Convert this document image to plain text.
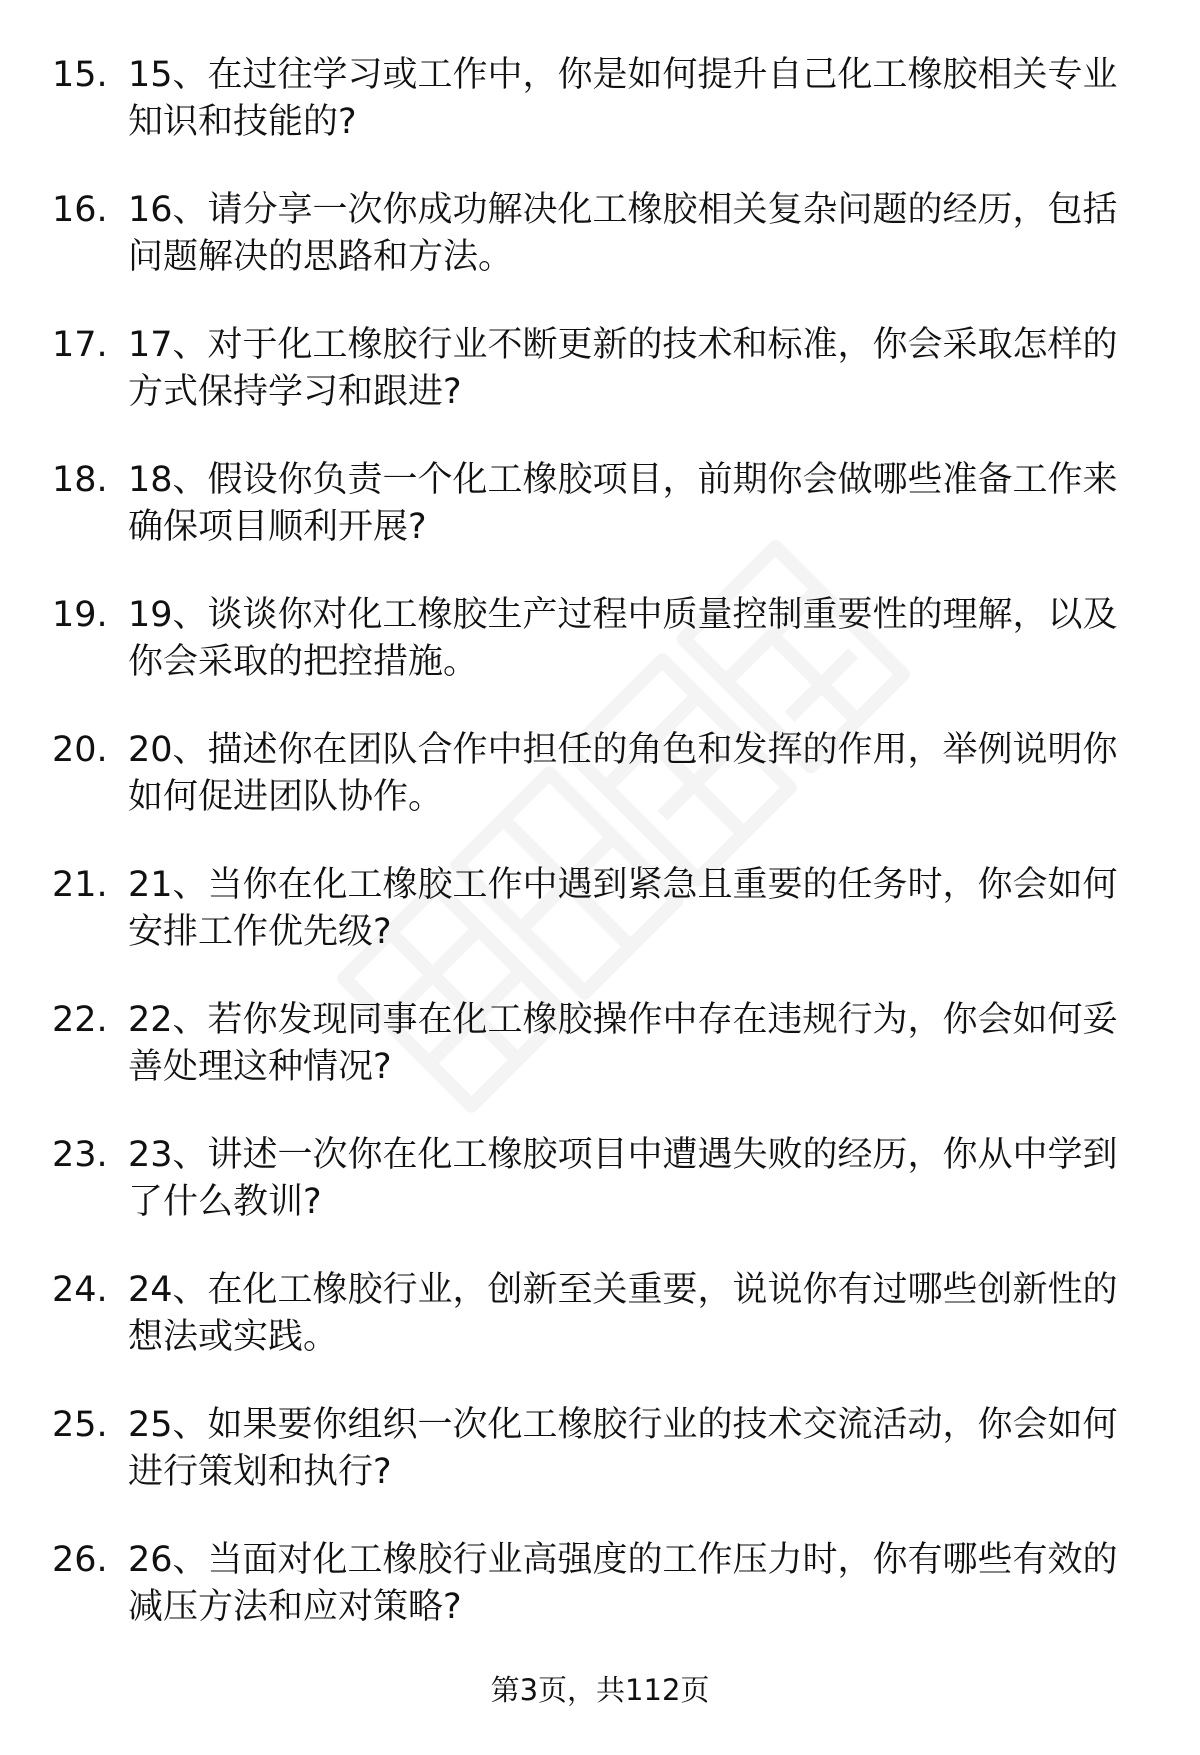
15. 15、在过往学习或工作中，你是如何提升自己化工橡胶相关专业知识和技能的?

16. 16、请分享一次你成功解决化工橡胶相关复杂问题的经历，包括问题解决的思路和方法。

17. 17、对于化工橡胶行业不断更新的技术和标准，你会采取怎样的方式保持学习和跟进?

18. 18、假设你负责一个化工橡胶项目，前期你会做哪些准备工作来确保项目顺利开展?

19. 19、谈谈你对化工橡胶生产过程中质量控制重要性的理解，以及你会采取的把控措施。

20. 20、描述你在团队合作中担任的角色和发挥的作用，举例说明你如何促进团队协作。

21. 21、当你在化工橡胶工作中遇到紧急且重要的任务时，你会如何安排工作优先级?

22. 22、若你发现同事在化工橡胶操作中存在违规行为，你会如何妥善处理这种情况?

23. 23、讲述一次你在化工橡胶项目中遭遇失败的经历，你从中学到了什么教训?

24. 24、在化工橡胶行业，创新至关重要，说说你有过哪些创新性的想法或实践。

25. 25、如果要你组织一次化工橡胶行业的技术交流活动，你会如何进行策划和执行?

26. 26、当面对化工橡胶行业高强度的工作压力时，你有哪些有效的减压方法和应对策略?

第3页，共112页
